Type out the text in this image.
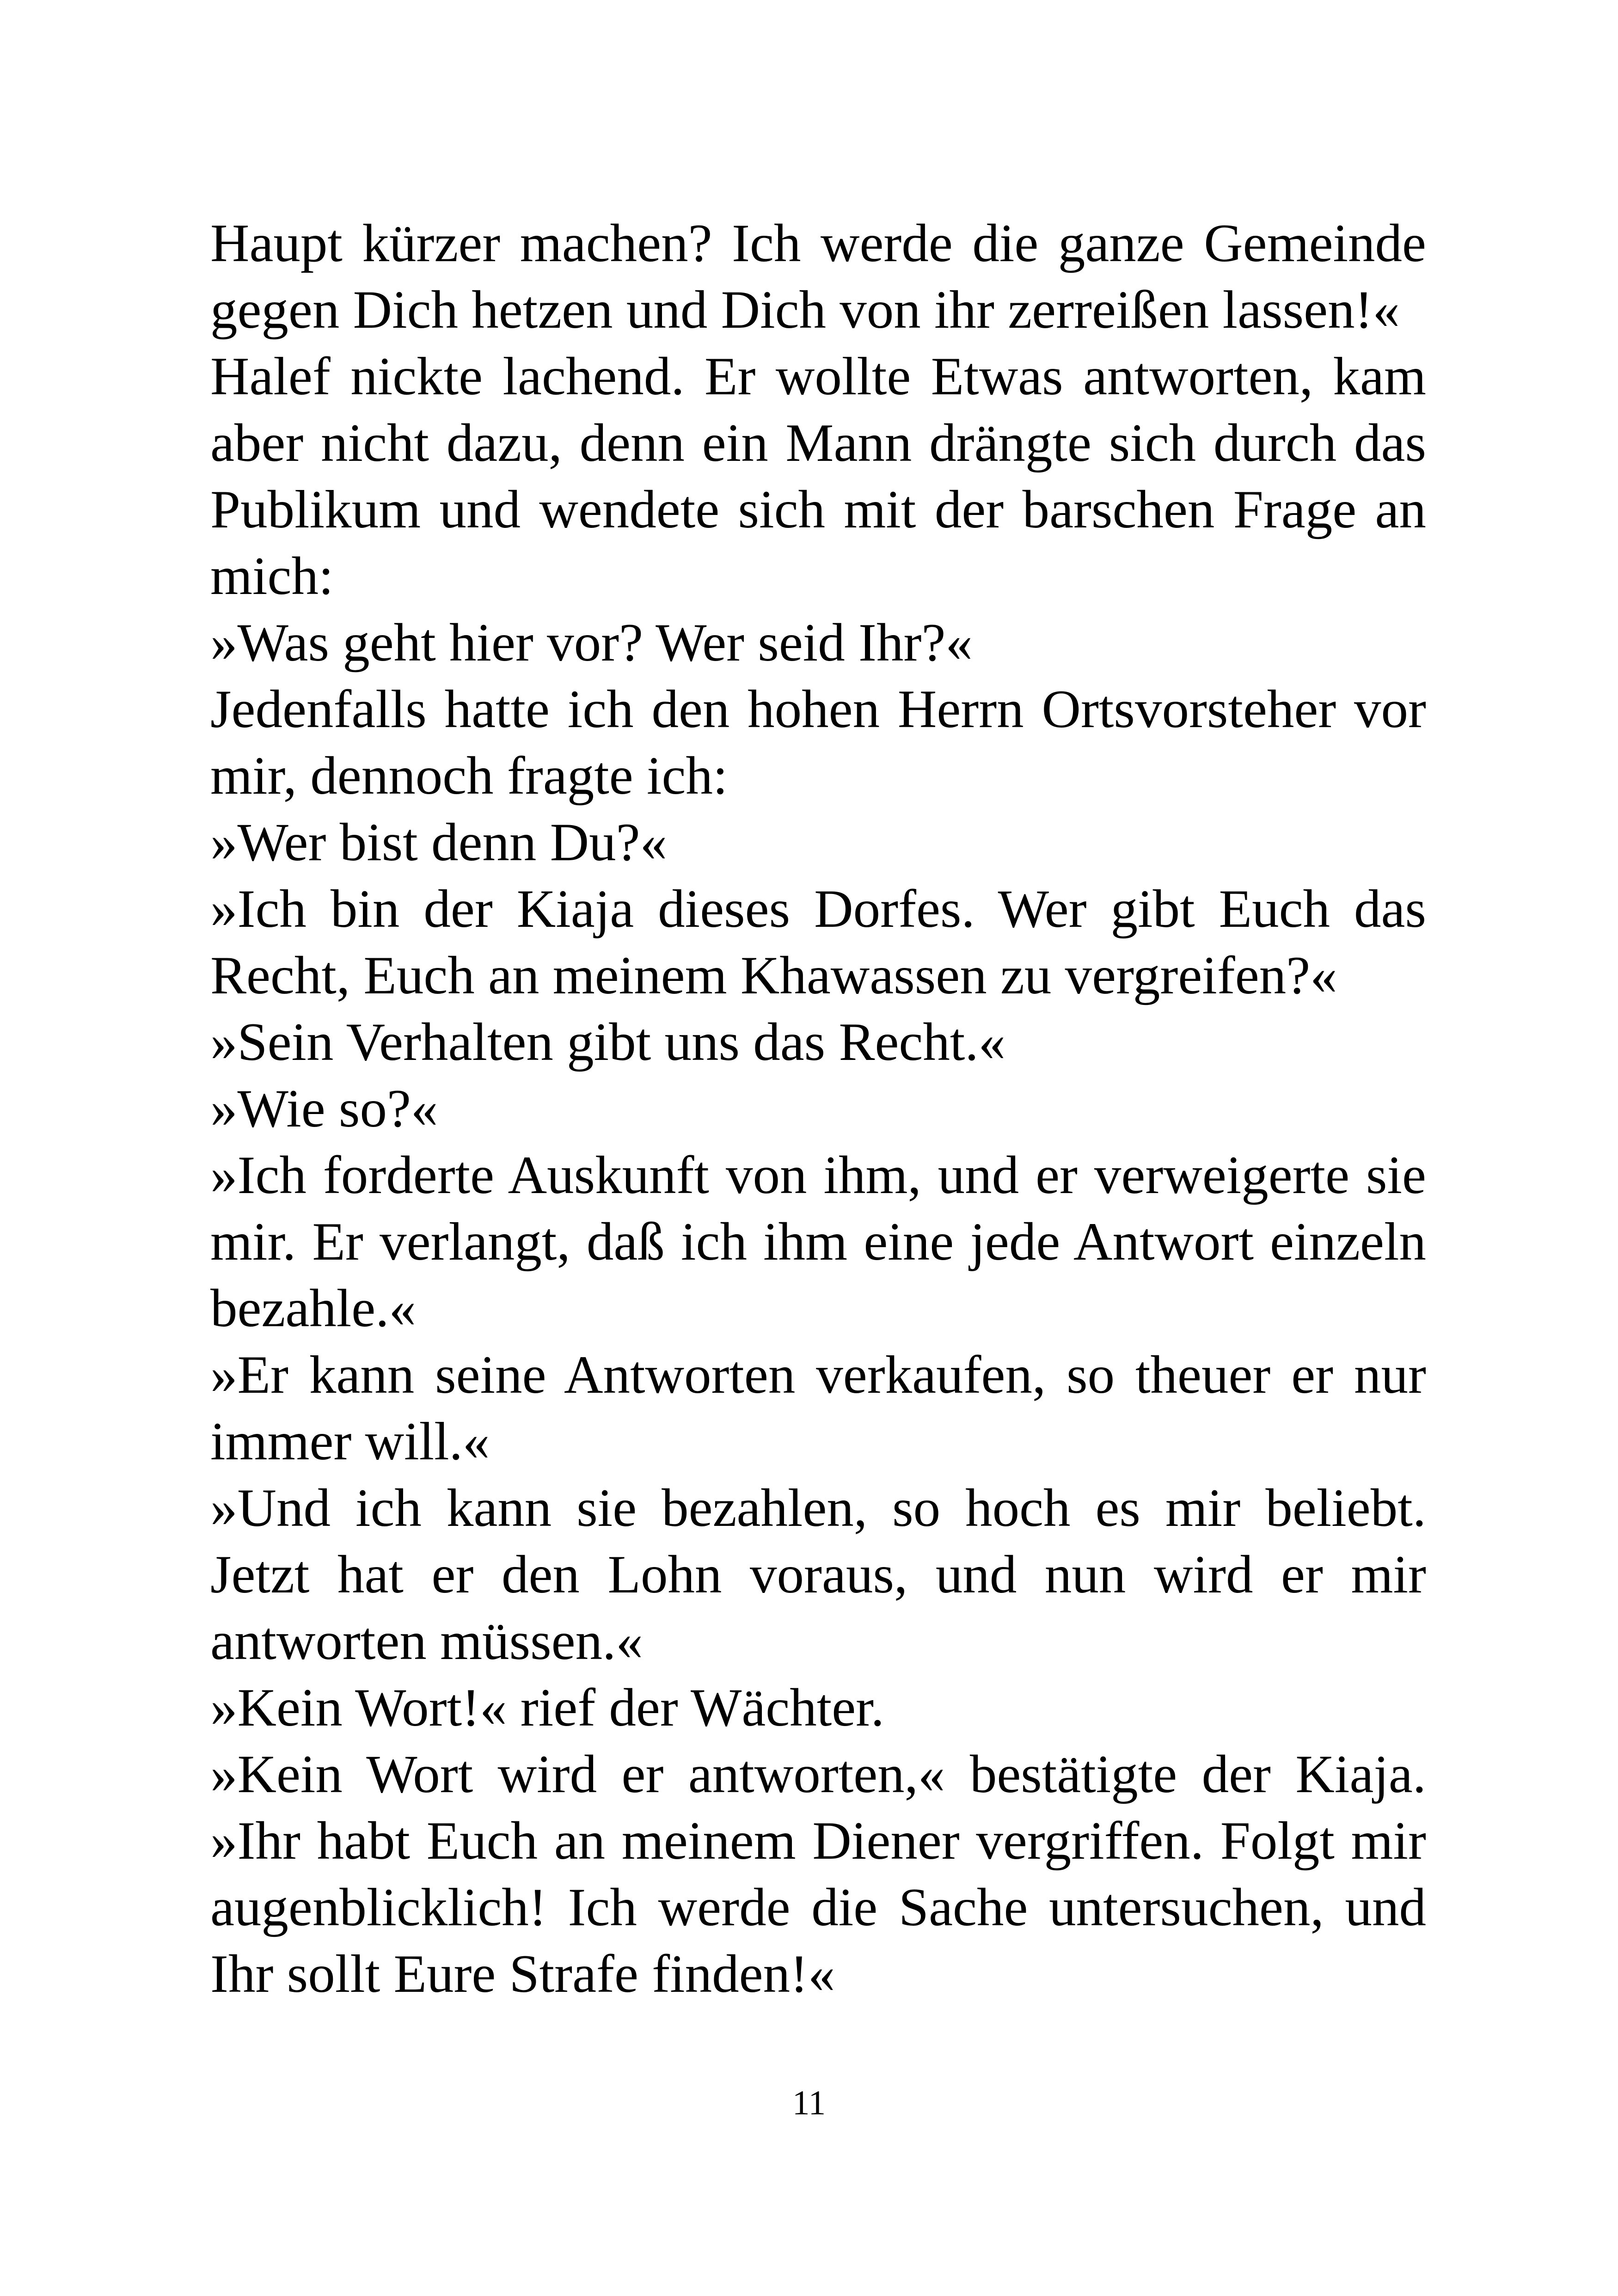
Haupt kürzer machen? Ich werde die ganze Gemeinde gegen Dich hetzen und Dich von ihr zerreißen lassen!«

Halef nickte lachend. Er wollte Etwas antworten, kam aber nicht dazu, denn ein Mann drängte sich durch das Publikum und wendete sich mit der barschen Frage an mich:

»Was geht hier vor? Wer seid Ihr?«

Jedenfalls hatte ich den hohen Herrn Ortsvorsteher vor mir, dennoch fragte ich:

»Wer bist denn Du?«

»Ich bin der Kiaja dieses Dorfes. Wer gibt Euch das Recht, Euch an meinem Khawassen zu vergreifen?«

»Sein Verhalten gibt uns das Recht.«

»Wie so?«

»Ich forderte Auskunft von ihm, und er verweigerte sie mir. Er verlangt, daß ich ihm eine jede Antwort einzeln bezahle.«

»Er kann seine Antworten verkaufen, so theuer er nur immer will.«

»Und ich kann sie bezahlen, so hoch es mir beliebt. Jetzt hat er den Lohn voraus, und nun wird er mir antworten müssen.«

»Kein Wort!« rief der Wächter.

»Kein Wort wird er antworten,« bestätigte der Kiaja. »Ihr habt Euch an meinem Diener vergriffen. Folgt mir augenblicklich! Ich werde die Sache untersuchen, und Ihr sollt Eure Strafe finden!«

11
